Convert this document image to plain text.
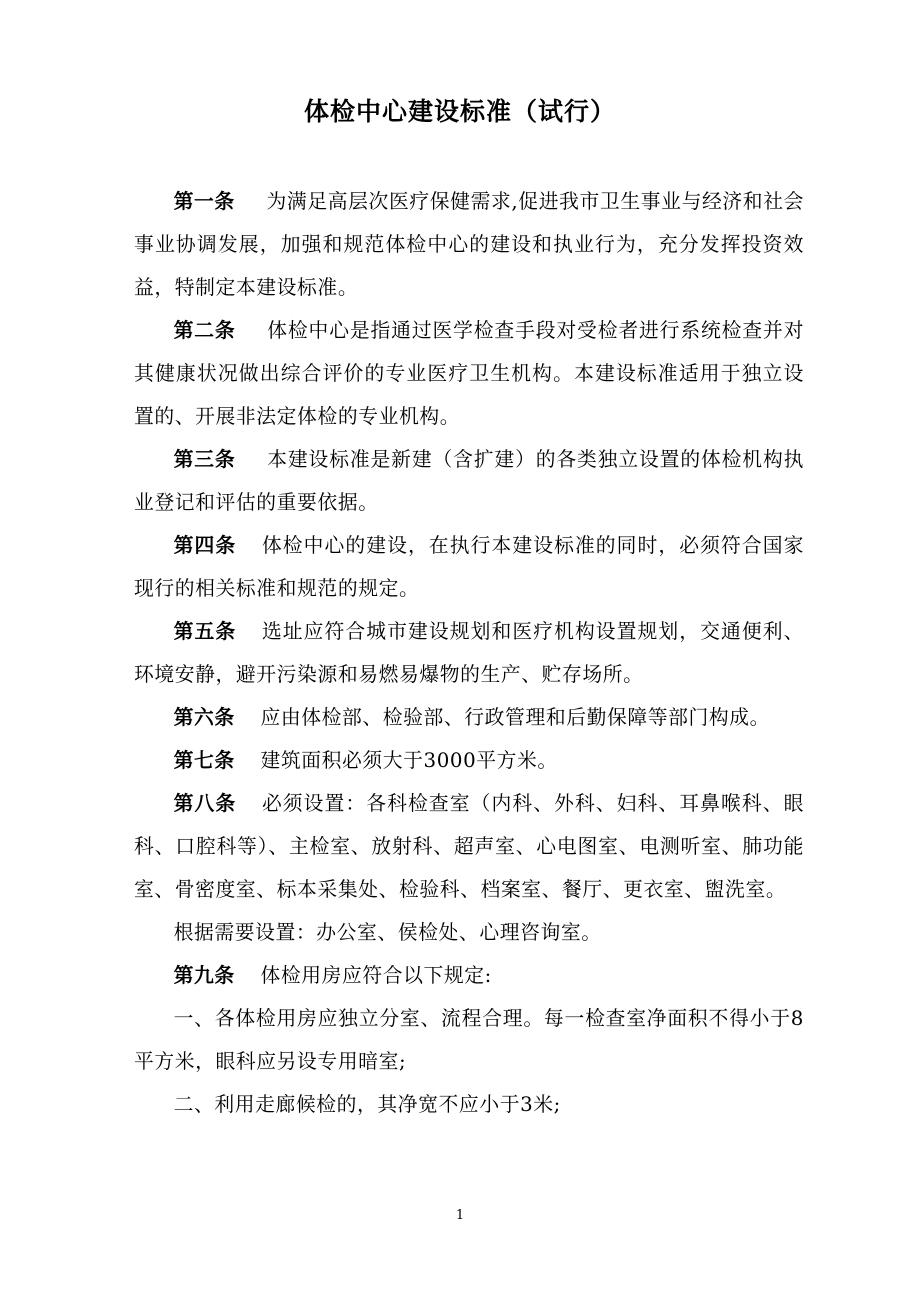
体检中心建设标准（试行）

第一条 为满足高层次医疗保健需求,促进我市卫生事业与经济和社会事业协调发展，加强和规范体检中心的建设和执业行为，充分发挥投资效益，特制定本建设标准。

第二条 体检中心是指通过医学检查手段对受检者进行系统检查并对其健康状况做出综合评价的专业医疗卫生机构。本建设标准适用于独立设置的、开展非法定体检的专业机构。

第三条 本建设标准是新建（含扩建）的各类独立设置的体检机构执业登记和评估的重要依据。

第四条 体检中心的建设，在执行本建设标准的同时，必须符合国家现行的相关标准和规范的规定。

第五条 选址应符合城市建设规划和医疗机构设置规划，交通便利、环境安静，避开污染源和易燃易爆物的生产、贮存场所。

第六条 应由体检部、检验部、行政管理和后勤保障等部门构成。

第七条 建筑面积必须大于3000平方米。

第八条 必须设置：各科检查室（内科、外科、妇科、耳鼻喉科、眼科、口腔科等）、主检室、放射科、超声室、心电图室、电测听室、肺功能室、骨密度室、标本采集处、检验科、档案室、餐厅、更衣室、盥洗室。

根据需要设置：办公室、侯检处、心理咨询室。

第九条 体检用房应符合以下规定:

一、各体检用房应独立分室、流程合理。每一检查室净面积不得小于8平方米，眼科应另设专用暗室;

二、利用走廊候检的，其净宽不应小于3米;

1
